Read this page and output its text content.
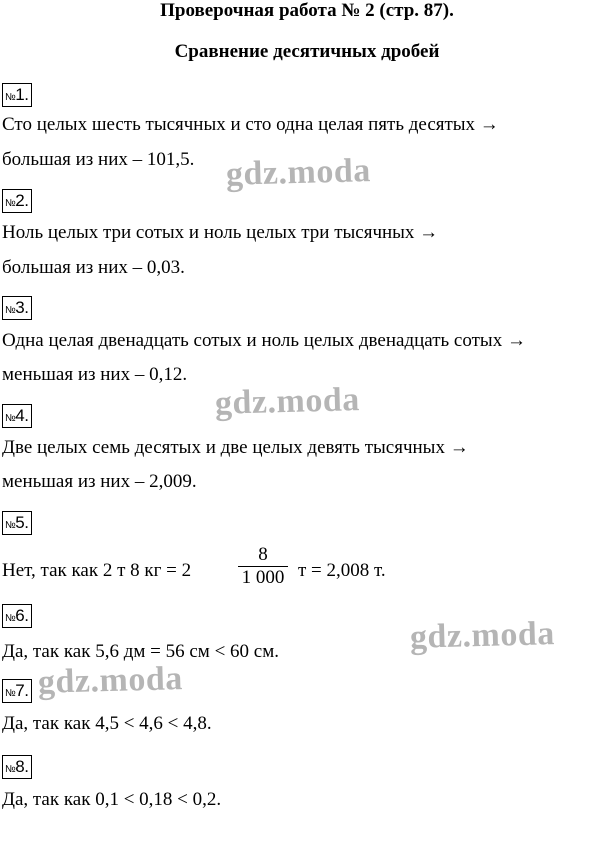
Проверочная работа № 2 (стр. 87).
Сравнение десятичных дробей
№1.
Сто целых шесть тысячных и сто одна целая пять десятых →
большая из них – 101,5.
№2.
Ноль целых три сотых и ноль целых три тысячных →
большая из них – 0,03.
№3.
Одна целая двенадцать сотых и ноль целых двенадцать сотых →
меньшая из них – 0,12.
№4.
Две целых семь десятых и две целых девять тысячных →
меньшая из них – 2,009.
№5.
Нет, так как 2 т 8 кг = 2
8
1 000 т = 2,008 т.
№6.
Да, так как 5,6 дм = 56 см < 60 см.
№7.
Да, так как 4,5 < 4,6 < 4,8.
№8.
Да, так как 0,1 < 0,18 < 0,2.
gdz.moda
gdz.moda
gdz.moda
gdz.moda
